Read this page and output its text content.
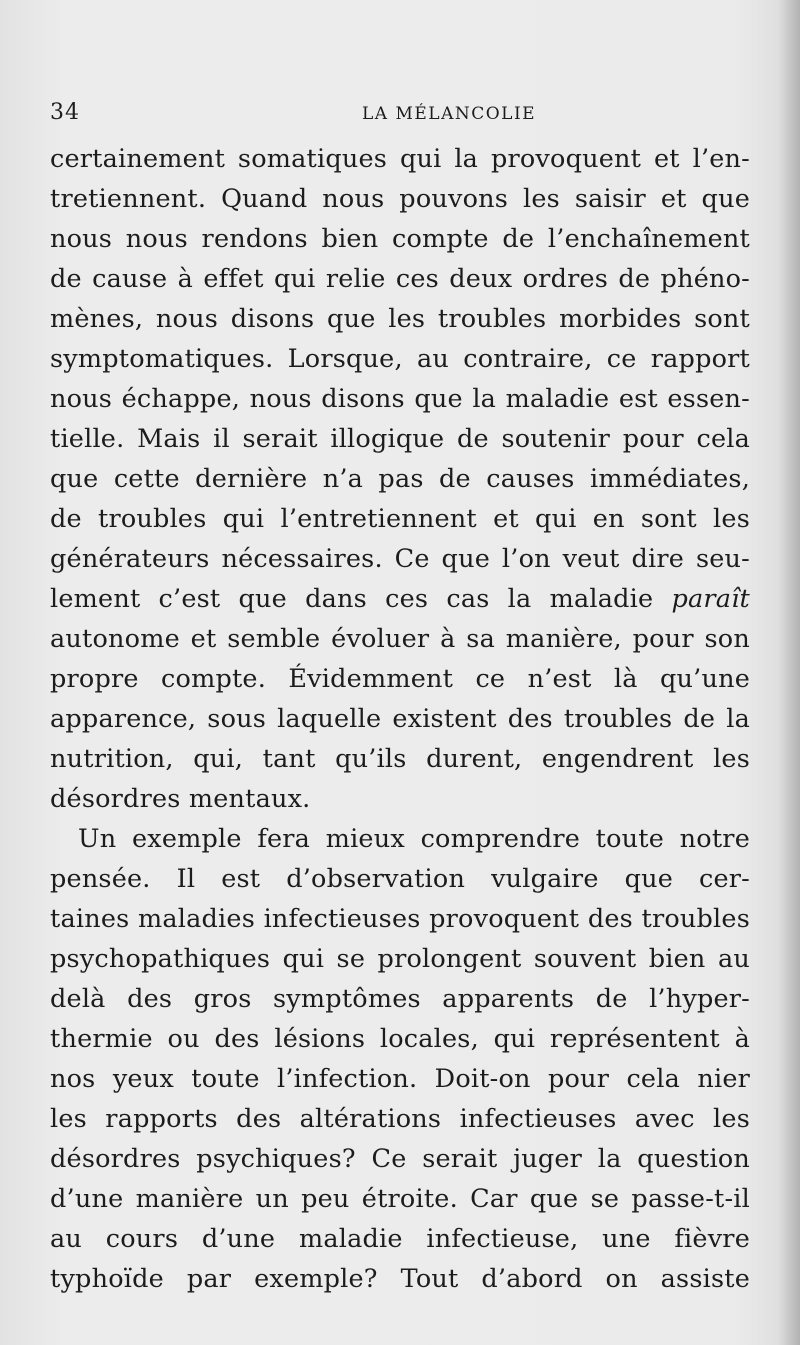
34	LA MÉLANCOLIE
certainement somatiques qui la provoquent et l’en-
tretiennent. Quand nous pouvons les saisir et que
nous nous rendons bien compte de l’enchaînement
de cause à effet qui relie ces deux ordres de phéno-
mènes, nous disons que les troubles morbides sont
symptomatiques. Lorsque, au contraire, ce rapport
nous échappe, nous disons que la maladie est essen-
tielle. Mais il serait illogique de soutenir pour cela
que cette dernière n’a pas de causes immédiates,
de troubles qui l’entretiennent et qui en sont les
générateurs nécessaires. Ce que l’on veut dire seu-
lement c’est que dans ces cas la maladie paraît
autonome et semble évoluer à sa manière, pour son
propre compte. Évidemment ce n’est là qu’une
apparence, sous laquelle existent des troubles de la
nutrition, qui, tant qu’ils durent, engendrent les
désordres mentaux.
Un exemple fera mieux comprendre toute notre
pensée. Il est d’observation vulgaire que cer-
taines maladies infectieuses provoquent des troubles
psychopathiques qui se prolongent souvent bien au
delà des gros symptômes apparents de l’hyper-
thermie ou des lésions locales, qui représentent à
nos yeux toute l’infection. Doit-on pour cela nier
les rapports des altérations infectieuses avec les
désordres psychiques? Ce serait juger la question
d’une manière un peu étroite. Car que se passe-t-il
au cours d’une maladie infectieuse, une fièvre
typhoïde par exemple? Tout d’abord on assiste
